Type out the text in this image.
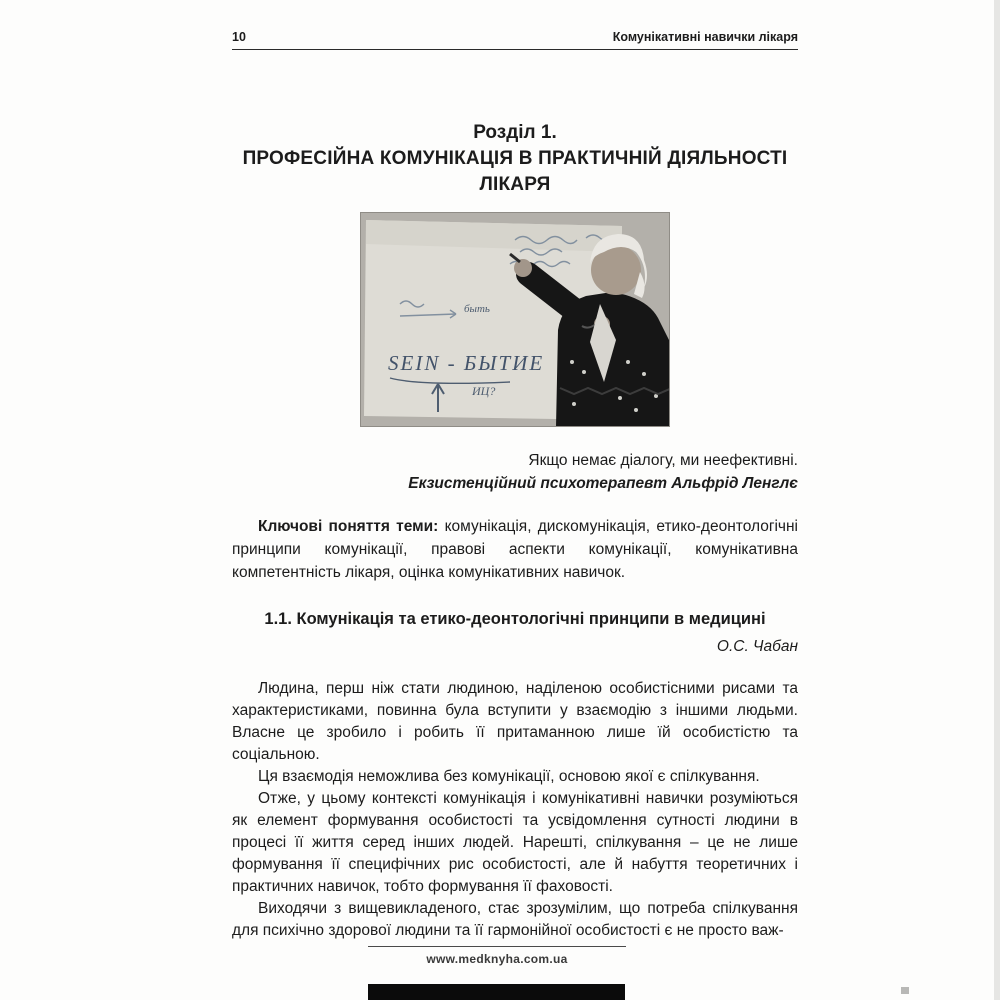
10	Комунікативні навички лікаря
Розділ 1.
ПРОФЕСІЙНА КОМУНІКАЦІЯ В ПРАКТИЧНІЙ ДІЯЛЬНОСТІ ЛІКАРЯ
быть
SEIN - БЫТИЕ
ИЦ?
Якщо немає діалогу, ми неефективні.
Екзистенційний психотерапевт Альфрід Ленглє

Ключові поняття теми: комунікація, дискомунікація, етико-деонтологічні принципи комунікації, правові аспекти комунікації, комунікативна компетентність лікаря, оцінка комунікативних навичок.

1.1. Комунікація та етико-деонтологічні принципи в медицині
О.С. Чабан

Людина, перш ніж стати людиною, наділеною особистісними рисами та характеристиками, повинна була вступити у взаємодію з іншими людьми. Власне це зробило і робить її притаманною лише їй особистістю та соціальною.

Ця взаємодія неможлива без комунікації, основою якої є спілкування.

Отже, у цьому контексті комунікація і комунікативні навички розуміються як елемент формування особистості та усвідомлення сутності людини в процесі її життя серед інших людей. Нарешті, спілкування – це не лише формування її специфічних рис особистості, але й набуття теоретичних і практичних навичок, тобто формування її фаховості.

Виходячи з вищевикладеного, стає зрозумілим, що потреба спілкування для психічно здорової людини та її гармонійної особистості є не просто важ-

www.medknyha.com.ua
